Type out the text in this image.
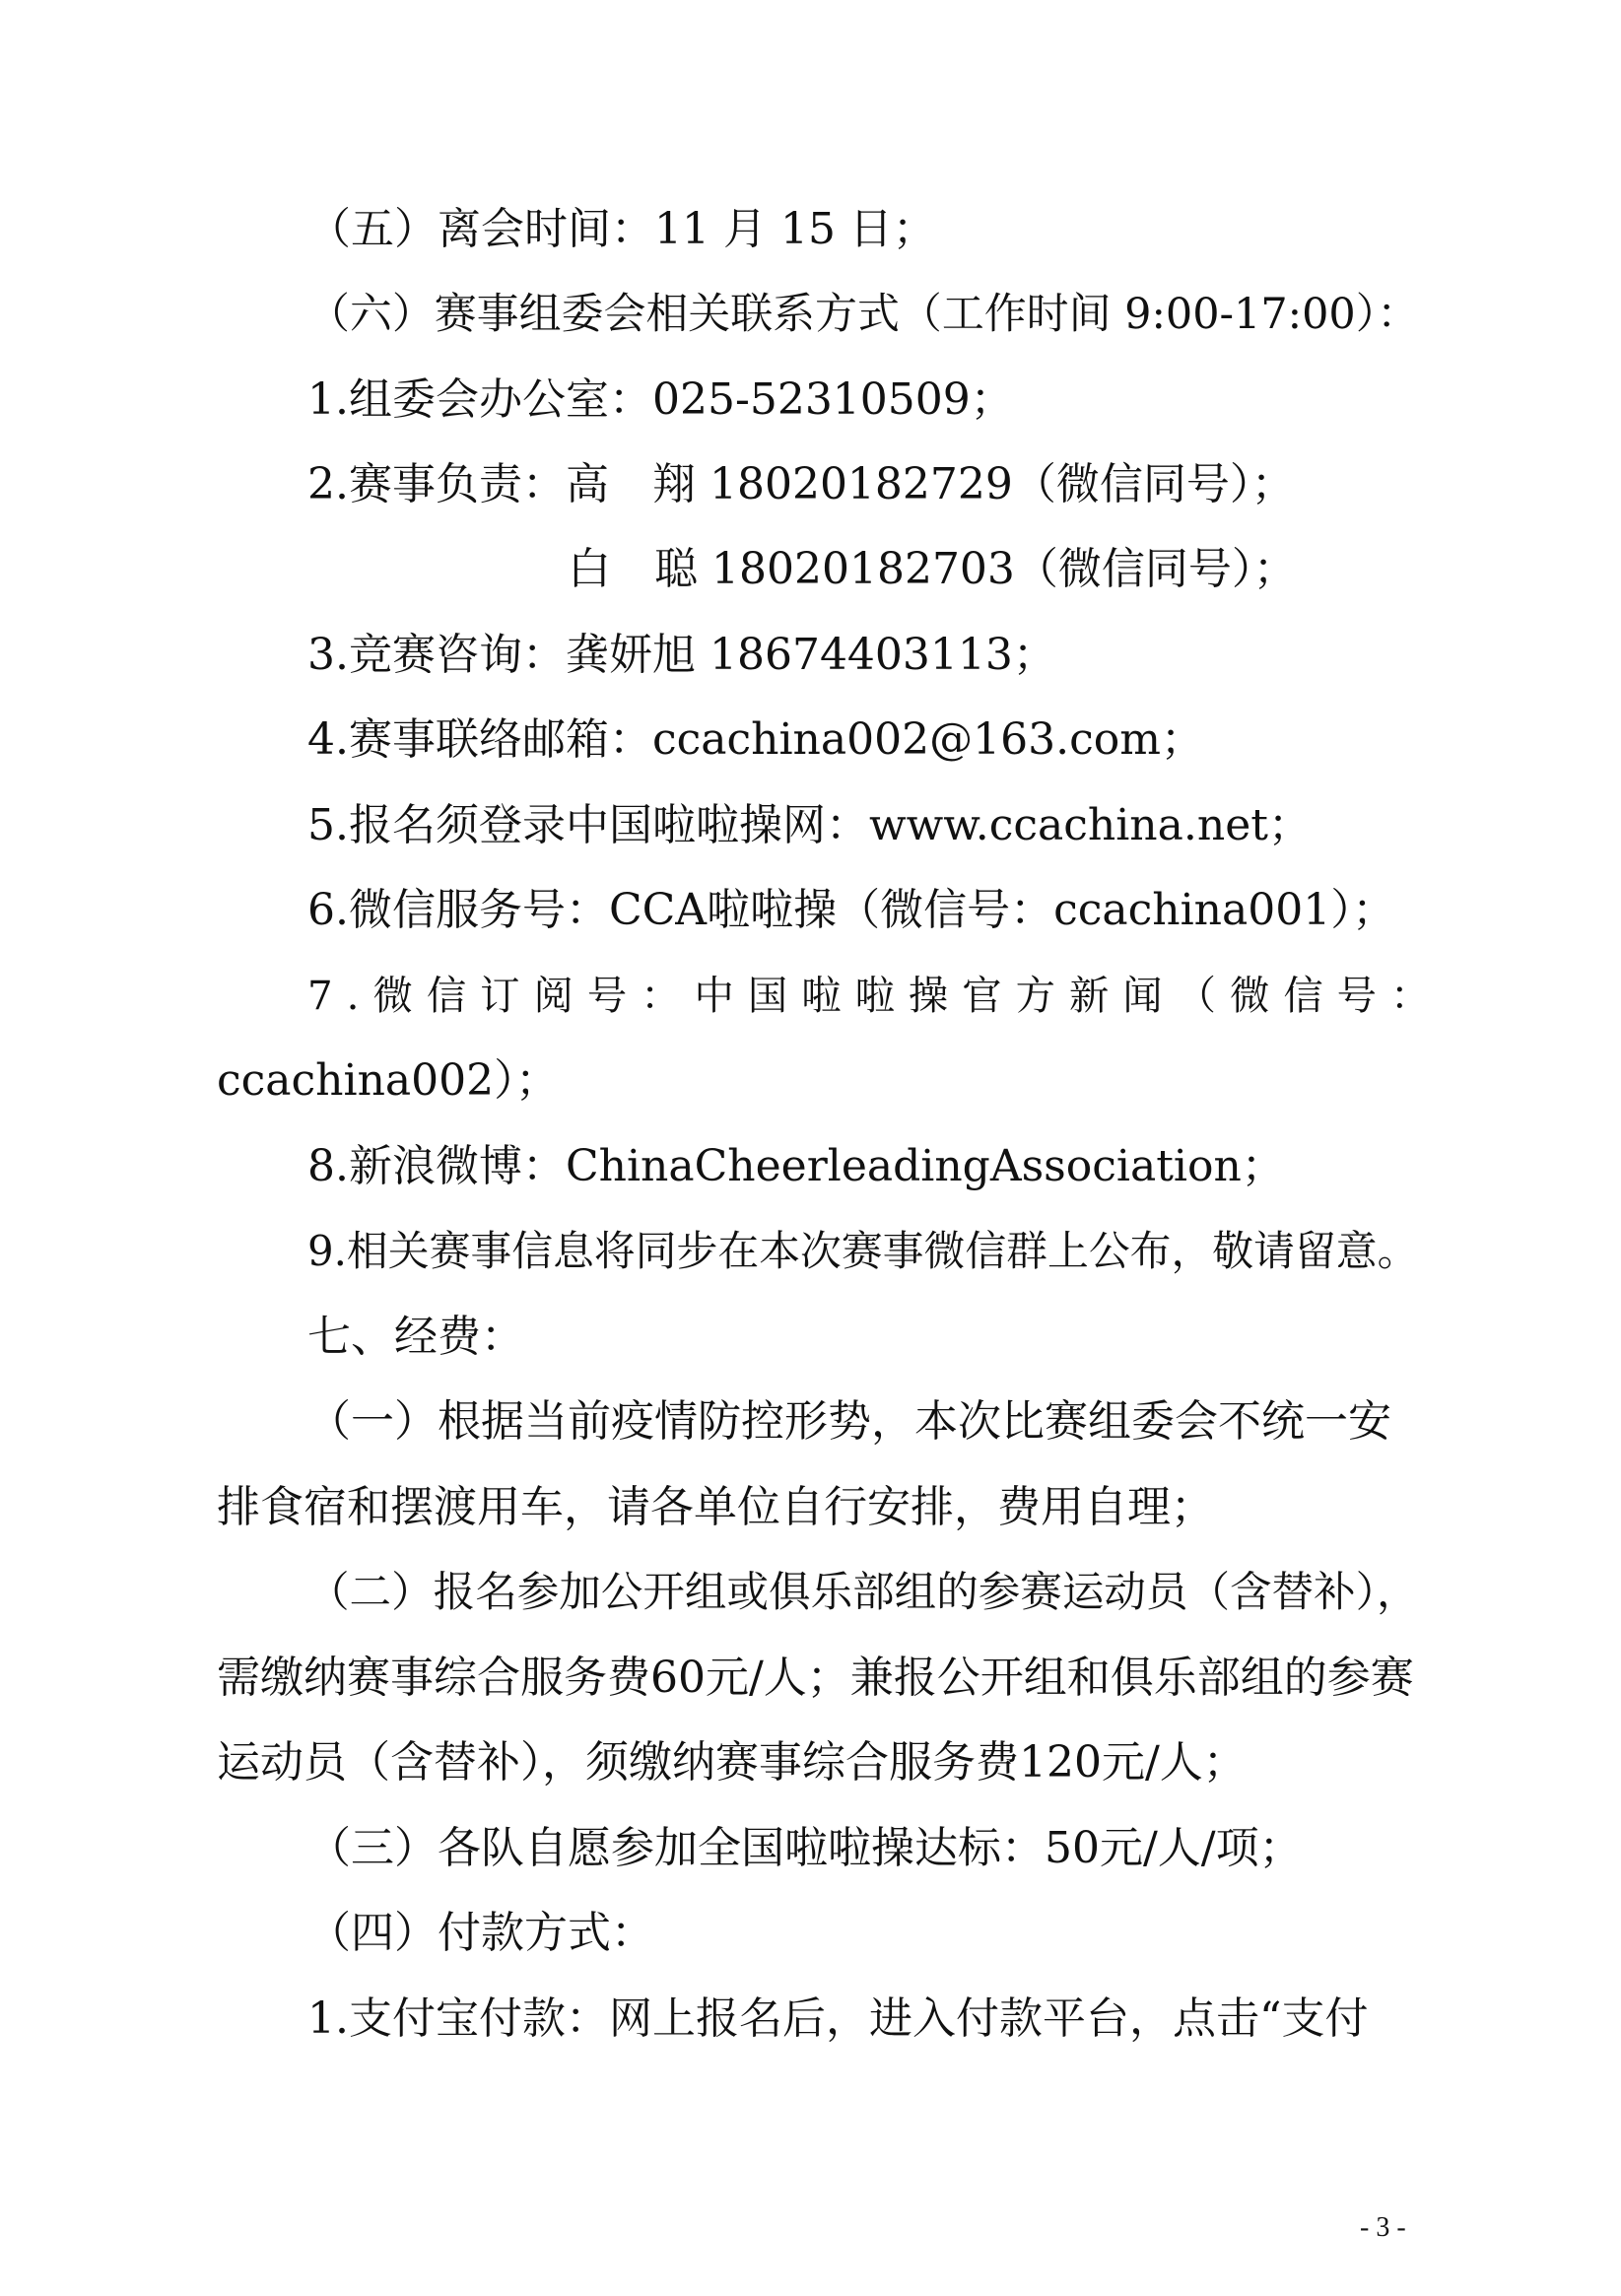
（五）离会时间：11 月 15 日；
（六）赛事组委会相关联系方式（工作时间 9:00-17:00）：
1.组委会办公室：025-52310509；
2.赛事负责：高　翔 18020182729（微信同号）；
　　　　　　白　聪 18020182703（微信同号）；
3.竞赛咨询：龚妍旭 18674403113；
4.赛事联络邮箱：ccachina002@163.com；
5.报名须登录中国啦啦操网：www.ccachina.net；
6.微信服务号：CCA啦啦操（微信号：ccachina001）；
7.微信订阅号：中国啦啦操官方新闻（微信号：
ccachina002）；
8.新浪微博：ChinaCheerleadingAssociation；
9.相关赛事信息将同步在本次赛事微信群上公布，敬请留意。
七、经费：
（一）根据当前疫情防控形势，本次比赛组委会不统一安
排食宿和摆渡用车，请各单位自行安排，费用自理；
（二）报名参加公开组或俱乐部组的参赛运动员（含替补），
需缴纳赛事综合服务费60元/人；兼报公开组和俱乐部组的参赛
运动员（含替补），须缴纳赛事综合服务费120元/人；
（三）各队自愿参加全国啦啦操达标：50元/人/项；
（四）付款方式：
1.支付宝付款：网上报名后，进入付款平台，点击“支付
- 3 -
